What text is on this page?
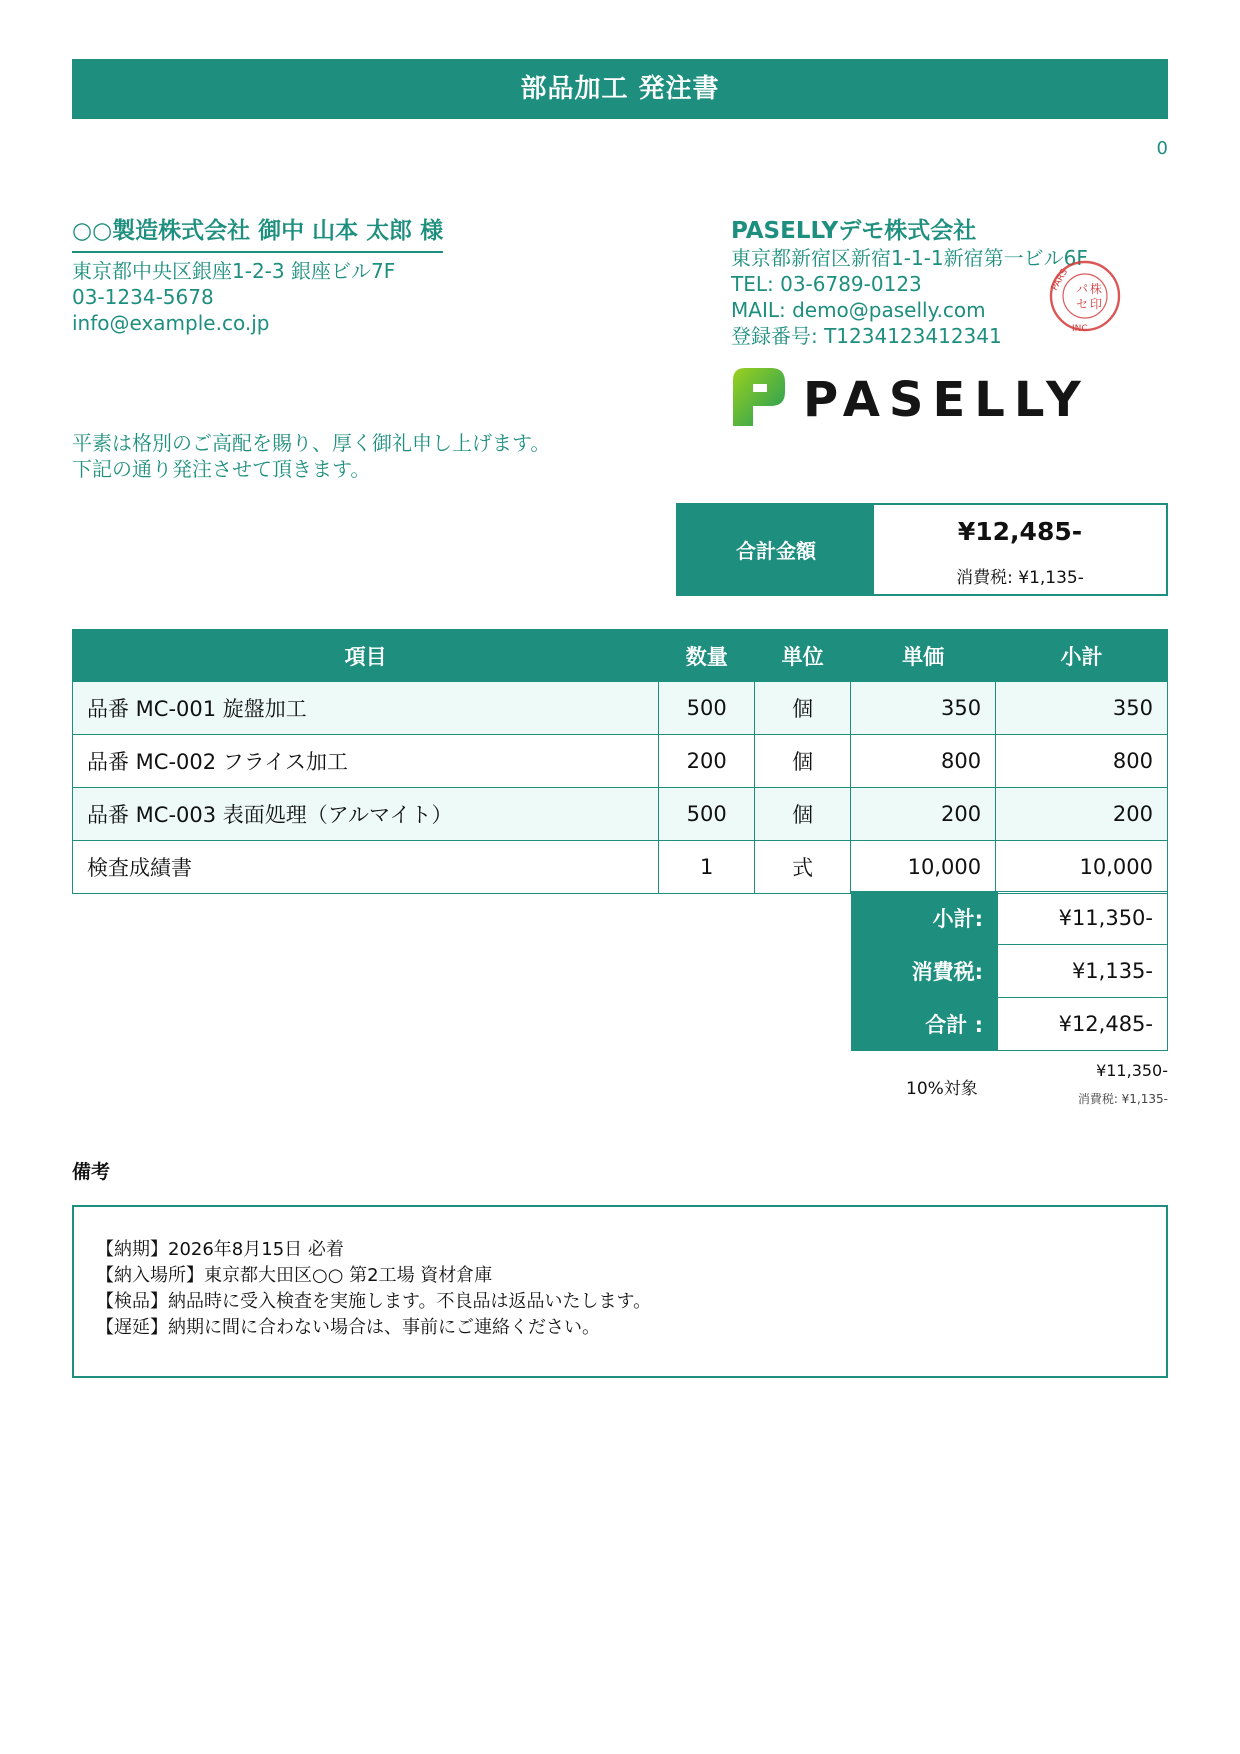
部品加工 発注書
0
○○製造株式会社 御中 山本 太郎 様
東京都中央区銀座1-2-3 銀座ビル7F
03-1234-5678
info@example.co.jp
PASELLYデモ株式会社
東京都新宿区新宿1-1-1新宿第一ビル6F
TEL: 03-6789-0123
MAIL: demo@paselly.com
登録番号: T1234123412341
PARS
INC.
パ
セ
株
印
PASELLY
平素は格別のご高配を賜り、厚く御礼申し上げます。
下記の通り発注させて頂きます。
合計金額
¥12,485-
消費税: ¥1,135-
項目	数量	単位	単価	小計
品番 MC-001 旋盤加工	500	個	350	350
品番 MC-002 フライス加工	200	個	800	800
品番 MC-003 表面処理（アルマイト）	500	個	200	200
検査成績書	1	式	10,000	10,000
小計:	¥11,350-
消費税:	¥1,135-
合計 :	¥12,485-
10%対象
¥11,350-
消費税: ¥1,135-
備考
【納期】2026年8月15日 必着
【納入場所】東京都大田区○○ 第2工場 資材倉庫
【検品】納品時に受入検査を実施します。不良品は返品いたします。
【遅延】納期に間に合わない場合は、事前にご連絡ください。
